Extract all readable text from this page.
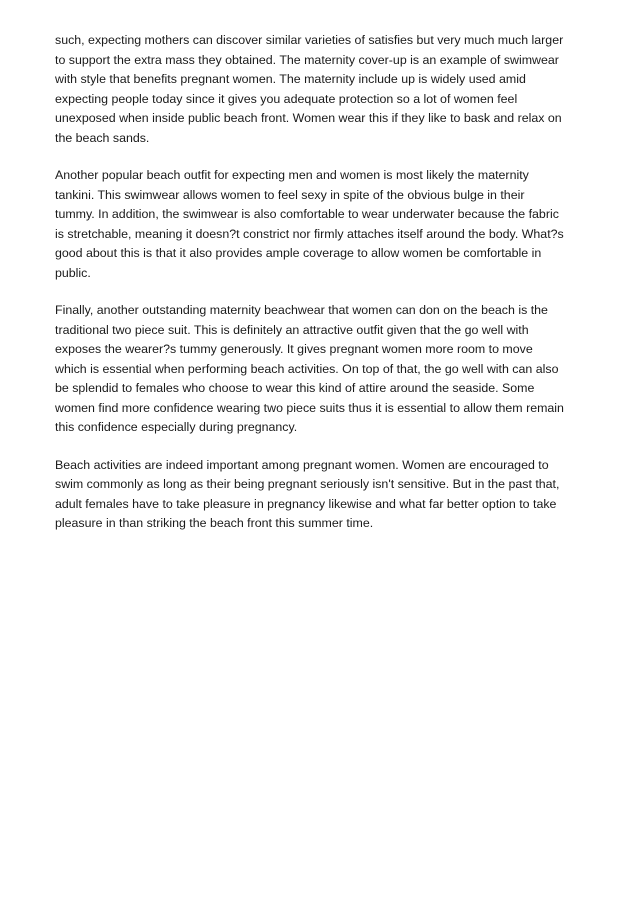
such, expecting mothers can discover similar varieties of satisfies but very much much larger
to support the extra mass they obtained. The maternity cover-up is an example of swimwear
with style that benefits pregnant women. The maternity include up is widely used amid
expecting people today since it gives you adequate protection so a lot of women feel
unexposed when inside public beach front. Women wear this if they like to bask and relax on
the beach sands.

Another popular beach outfit for expecting men and women is most likely the maternity
tankini. This swimwear allows women to feel sexy in spite of the obvious bulge in their
tummy. In addition, the swimwear is also comfortable to wear underwater because the fabric
is stretchable, meaning it doesn?t constrict nor firmly attaches itself around the body. What?s
good about this is that it also provides ample coverage to allow women be comfortable in
public.

Finally, another outstanding maternity beachwear that women can don on the beach is the
traditional two piece suit. This is definitely an attractive outfit given that the go well with
exposes the wearer?s tummy generously. It gives pregnant women more room to move
which is essential when performing beach activities. On top of that, the go well with can also
be splendid to females who choose to wear this kind of attire around the seaside. Some
women find more confidence wearing two piece suits thus it is essential to allow them remain
this confidence especially during pregnancy.

Beach activities are indeed important among pregnant women. Women are encouraged to
swim commonly as long as their being pregnant seriously isn't sensitive. But in the past that,
adult females have to take pleasure in pregnancy likewise and what far better option to take
pleasure in than striking the beach front this summer time.
